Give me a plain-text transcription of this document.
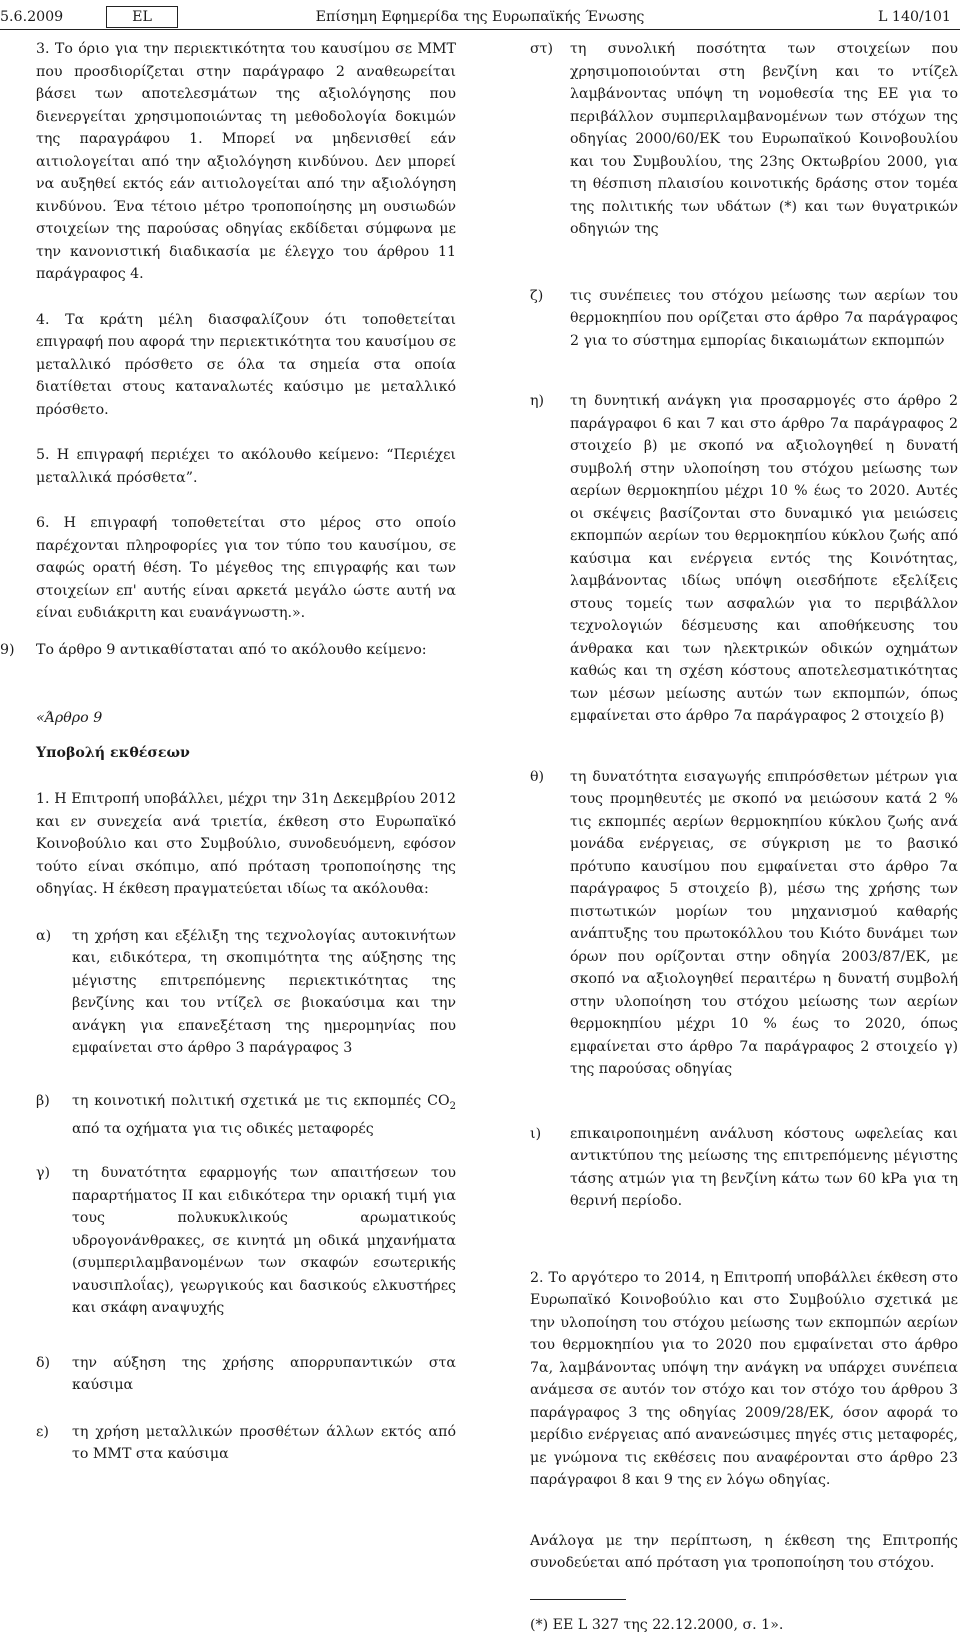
5.6.2009	EL	Επίσημη Εφημερίδα της Ευρωπαϊκής Ένωσης	L 140/101

3. Το όριο για την περιεκτικότητα του καυσίμου σε ΜΜΤ που προσδιορίζεται στην παράγραφο 2 αναθεωρείται βάσει των αποτελεσμάτων της αξιολόγησης που διενεργείται χρησιμοποιώντας τη μεθοδολογία δοκιμών της παραγράφου 1. Μπορεί να μηδενισθεί εάν αιτιολογείται από την αξιολόγηση κινδύνου. Δεν μπορεί να αυξηθεί εκτός εάν αιτιολογείται από την αξιολόγηση κινδύνου. Ένα τέτοιο μέτρο τροποποίησης μη ουσιωδών στοιχείων της παρούσας οδηγίας εκδίδεται σύμφωνα με την κανονιστική διαδικασία με έλεγχο του άρθρου 11 παράγραφος 4.

4. Τα κράτη μέλη διασφαλίζουν ότι τοποθετείται επιγραφή που αφορά την περιεκτικότητα του καυσίμου σε μεταλλικό πρόσθετο σε όλα τα σημεία στα οποία διατίθεται στους καταναλωτές καύσιμο με μεταλλικό πρόσθετο.

5. Η επιγραφή περιέχει το ακόλουθο κείμενο: “Περιέχει μεταλλικά πρόσθετα”.

6. Η επιγραφή τοποθετείται στο μέρος στο οποίο παρέχονται πληροφορίες για τον τύπο του καυσίμου, σε σαφώς ορατή θέση. Το μέγεθος της επιγραφής και των στοιχείων επ' αυτής είναι αρκετά μεγάλο ώστε αυτή να είναι ευδιάκριτη και ευανάγνωστη.».

9)	Το άρθρο 9 αντικαθίσταται από το ακόλουθο κείμενο:

«Άρθρο 9

Υποβολή εκθέσεων

1. Η Επιτροπή υποβάλλει, μέχρι την 31η Δεκεμβρίου 2012 και εν συνεχεία ανά τριετία, έκθεση στο Ευρωπαϊκό Κοινοβούλιο και στο Συμβούλιο, συνοδευόμενη, εφόσον τούτο είναι σκόπιμο, από πρόταση τροποποίησης της οδηγίας. Η έκθεση πραγματεύεται ιδίως τα ακόλουθα:

α) τη χρήση και εξέλιξη της τεχνολογίας αυτοκινήτων και, ειδικότερα, τη σκοπιμότητα της αύξησης της μέγιστης επιτρεπόμενης περιεκτικότητας της βενζίνης και του ντίζελ σε βιοκαύσιμα και την ανάγκη για επανεξέταση της ημερομηνίας που εμφαίνεται στο άρθρο 3 παράγραφος 3

β) τη κοινοτική πολιτική σχετικά με τις εκπομπές $CO_2$ από τα οχήματα για τις οδικές μεταφορές

γ) τη δυνατότητα εφαρμογής των απαιτήσεων του παραρτήματος ΙΙ και ειδικότερα την οριακή τιμή για τους πολυκυκλικούς αρωματικούς υδρογονάνθρακες, σε κινητά μη οδικά μηχανήματα (συμπεριλαμβανομένων των σκαφών εσωτερικής ναυσιπλοΐας), γεωργικούς και δασικούς ελκυστήρες και σκάφη αναψυχής

δ) την αύξηση της χρήσης απορρυπαντικών στα καύσιμα

ε) τη χρήση μεταλλικών προσθέτων άλλων εκτός από το ΜΜΤ στα καύσιμα

στ) τη συνολική ποσότητα των στοιχείων που χρησιμοποιούνται στη βενζίνη και το ντίζελ λαμβάνοντας υπόψη τη νομοθεσία της ΕΕ για το περιβάλλον συμπεριλαμβανομένων των στόχων της οδηγίας 2000/60/ΕΚ του Ευρωπαϊκού Κοινοβουλίου και του Συμβουλίου, της 23ης Οκτωβρίου 2000, για τη θέσπιση πλαισίου κοινοτικής δράσης στον τομέα της πολιτικής των υδάτων (*) και των θυγατρικών οδηγιών της

ζ) τις συνέπειες του στόχου μείωσης των αερίων του θερμοκηπίου που ορίζεται στο άρθρο 7α παράγραφος 2 για το σύστημα εμπορίας δικαιωμάτων εκπομπών

η) τη δυνητική ανάγκη για προσαρμογές στο άρθρο 2 παράγραφοι 6 και 7 και στο άρθρο 7α παράγραφος 2 στοιχείο β) με σκοπό να αξιολογηθεί η δυνατή συμβολή στην υλοποίηση του στόχου μείωσης των αερίων θερμοκηπίου μέχρι 10 % έως το 2020. Αυτές οι σκέψεις βασίζονται στο δυναμικό για μειώσεις εκπομπών αερίων του θερμοκηπίου κύκλου ζωής από καύσιμα και ενέργεια εντός της Κοινότητας, λαμβάνοντας ιδίως υπόψη οιεσδήποτε εξελίξεις στους τομείς των ασφαλών για το περιβάλλον τεχνολογιών δέσμευσης και αποθήκευσης του άνθρακα και των ηλεκτρικών οδικών οχημάτων καθώς και τη σχέση κόστους αποτελεσματικότητας των μέσων μείωσης αυτών των εκπομπών, όπως εμφαίνεται στο άρθρο 7α παράγραφος 2 στοιχείο β)

θ) τη δυνατότητα εισαγωγής επιπρόσθετων μέτρων για τους προμηθευτές με σκοπό να μειώσουν κατά 2 % τις εκπομπές αερίων θερμοκηπίου κύκλου ζωής ανά μονάδα ενέργειας, σε σύγκριση με το βασικό πρότυπο καυσίμου που εμφαίνεται στο άρθρο 7α παράγραφος 5 στοιχείο β), μέσω της χρήσης των πιστωτικών μορίων του μηχανισμού καθαρής ανάπτυξης του πρωτοκόλλου του Κιότο δυνάμει των όρων που ορίζονται στην οδηγία 2003/87/ΕΚ, με σκοπό να αξιολογηθεί περαιτέρω η δυνατή συμβολή στην υλοποίηση του στόχου μείωσης των αερίων θερμοκηπίου μέχρι 10 % έως το 2020, όπως εμφαίνεται στο άρθρο 7α παράγραφος 2 στοιχείο γ) της παρούσας οδηγίας

ι) επικαιροποιημένη ανάλυση κόστους ωφελείας και αντικτύπου της μείωσης της επιτρεπόμενης μέγιστης τάσης ατμών για τη βενζίνη κάτω των 60 kPa για τη θερινή περίοδο.

2. Το αργότερο το 2014, η Επιτροπή υποβάλλει έκθεση στο Ευρωπαϊκό Κοινοβούλιο και στο Συμβούλιο σχετικά με την υλοποίηση του στόχου μείωσης των εκπομπών αερίων του θερμοκηπίου για το 2020 που εμφαίνεται στο άρθρο 7α, λαμβάνοντας υπόψη την ανάγκη να υπάρχει συνέπεια ανάμεσα σε αυτόν τον στόχο και τον στόχο του άρθρου 3 παράγραφος 3 της οδηγίας 2009/28/ΕΚ, όσον αφορά το μερίδιο ενέργειας από ανανεώσιμες πηγές στις μεταφορές, με γνώμονα τις εκθέσεις που αναφέρονται στο άρθρο 23 παράγραφοι 8 και 9 της εν λόγω οδηγίας.

Ανάλογα με την περίπτωση, η έκθεση της Επιτροπής συνοδεύεται από πρόταση για τροποποίηση του στόχου.

(*) ΕΕ L 327 της 22.12.2000, σ. 1».
